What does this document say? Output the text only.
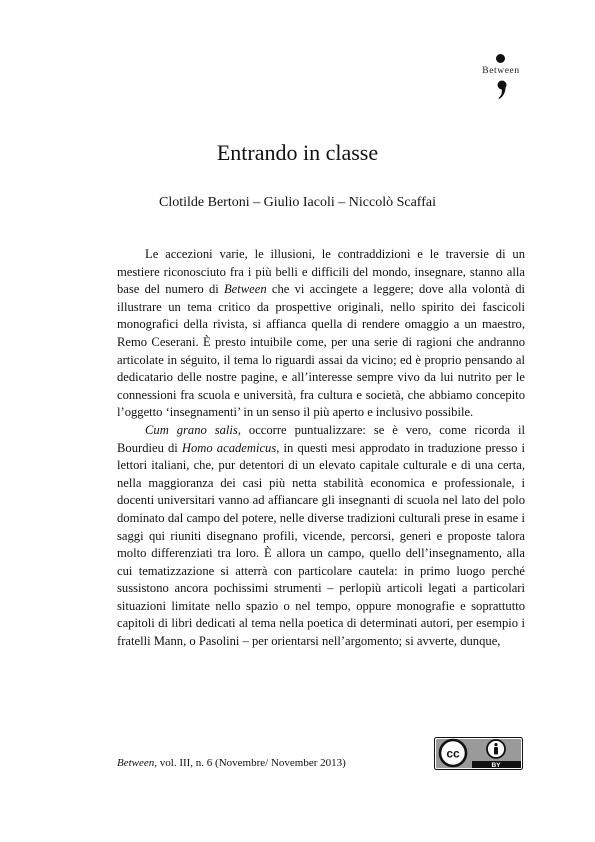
Between
Entrando in classe
Clotilde Bertoni – Giulio Iacoli – Niccolò Scaffai

Le accezioni varie, le illusioni, le contraddizioni e le traversie di un mestiere riconosciuto fra i più belli e difficili del mondo, insegnare, stanno alla base del numero di Between che vi accingete a leggere; dove alla volontà di illustrare un tema critico da prospettive originali, nello spirito dei fascicoli monografici della rivista, si affianca quella di rendere omaggio a un maestro, Remo Ceserani. È presto intuibile come, per una serie di ragioni che andranno articolate in séguito, il tema lo riguardi assai da vicino; ed è proprio pensando al dedicatario delle nostre pagine, e all’interesse sempre vivo da lui nutrito per le connessioni fra scuola e università, fra cultura e società, che abbiamo concepito l’oggetto ‘insegnamenti’ in un senso il più aperto e inclusivo possibile.

Cum grano salis, occorre puntualizzare: se è vero, come ricorda il Bourdieu di Homo academicus, in questi mesi approdato in traduzione presso i lettori italiani, che, pur detentori di un elevato capitale culturale e di una certa, nella maggioranza dei casi più netta stabilità economica e professionale, i docenti universitari vanno ad affiancare gli insegnanti di scuola nel lato del polo dominato dal campo del potere, nelle diverse tradizioni culturali prese in esame i saggi qui riuniti disegnano profili, vicende, percorsi, generi e proposte talora molto differenziati tra loro. È allora un campo, quello dell’insegnamento, alla cui tematizzazione si atterrà con particolare cautela: in primo luogo perché sussistono ancora pochissimi strumenti – perlopiù articoli legati a particolari situazioni limitate nello spazio o nel tempo, oppure monografie e soprattutto capitoli di libri dedicati al tema nella poetica di determinati autori, per esempio i fratelli Mann, o Pasolini – per orientarsi nell’argomento; si avverte, dunque,

Between, vol. III, n. 6 (Novembre/ November 2013)
cc
BY
